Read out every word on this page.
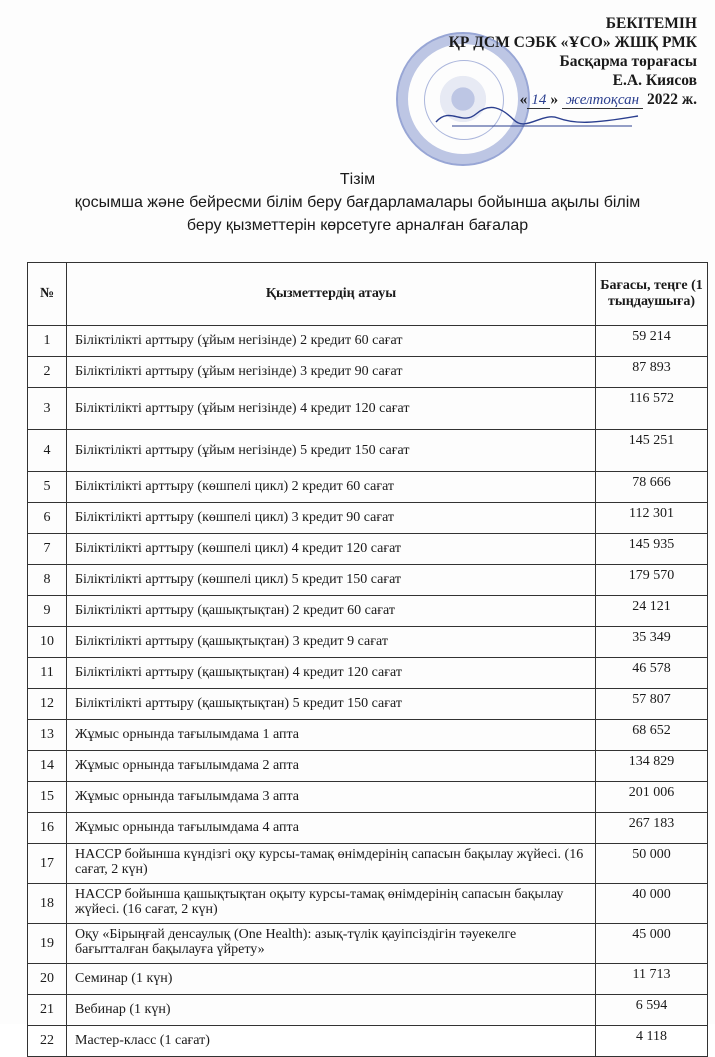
БЕКІТЕМІН
ҚР ДСМ СЭБК «ҰСО» ЖШҚ РМК
Басқарма төрағасы
Е.А. Киясов
« 14 » желтоқсан 2022 ж.
Тізім
қосымша және бейресми білім беру бағдарламалары бойынша ақылы білім
беру қызметтерін көрсетуге арналған бағалар
№	Қызметтердің атауы	Бағасы, теңге (1 тыңдаушыға)
1	Біліктілікті арттыру (ұйым негізінде) 2 кредит 60 сағат	59 214
2	Біліктілікті арттыру (ұйым негізінде) 3 кредит 90 сағат	87 893
3	Біліктілікті арттыру (ұйым негізінде) 4 кредит 120 сағат	116 572
4	Біліктілікті арттыру (ұйым негізінде) 5 кредит 150 сағат	145 251
5	Біліктілікті арттыру (көшпелі цикл) 2 кредит 60 сағат	78 666
6	Біліктілікті арттыру (көшпелі цикл) 3 кредит 90 сағат	112 301
7	Біліктілікті арттыру (көшпелі цикл) 4 кредит 120 сағат	145 935
8	Біліктілікті арттыру (көшпелі цикл) 5 кредит 150 сағат	179 570
9	Біліктілікті арттыру (қашықтықтан) 2 кредит 60 сағат	24 121
10	Біліктілікті арттыру (қашықтықтан) 3 кредит 9 сағат	35 349
11	Біліктілікті арттыру (қашықтықтан) 4 кредит 120 сағат	46 578
12	Біліктілікті арттыру (қашықтықтан) 5 кредит 150 сағат	57 807
13	Жұмыс орнында тағылымдама 1 апта	68 652
14	Жұмыс орнында тағылымдама 2 апта	134 829
15	Жұмыс орнында тағылымдама 3 апта	201 006
16	Жұмыс орнында тағылымдама 4 апта	267 183
17	HACCP бойынша күндізгі оқу курсы-тамақ өнімдерінің сапасын бақылау жүйесі. (16 сағат, 2 күн)	50 000
18	HACCP бойынша қашықтықтан оқыту курсы-тамақ өнімдерінің сапасын бақылау жүйесі. (16 сағат, 2 күн)	40 000
19	Оқу «Бірыңғай денсаулық (One Health): азық-түлік қауіпсіздігін тәуекелге бағытталған бақылауға үйрету»	45 000
20	Семинар (1 күн)	11 713
21	Вебинар (1 күн)	6 594
22	Мастер-класс (1 сағат)	4 118
